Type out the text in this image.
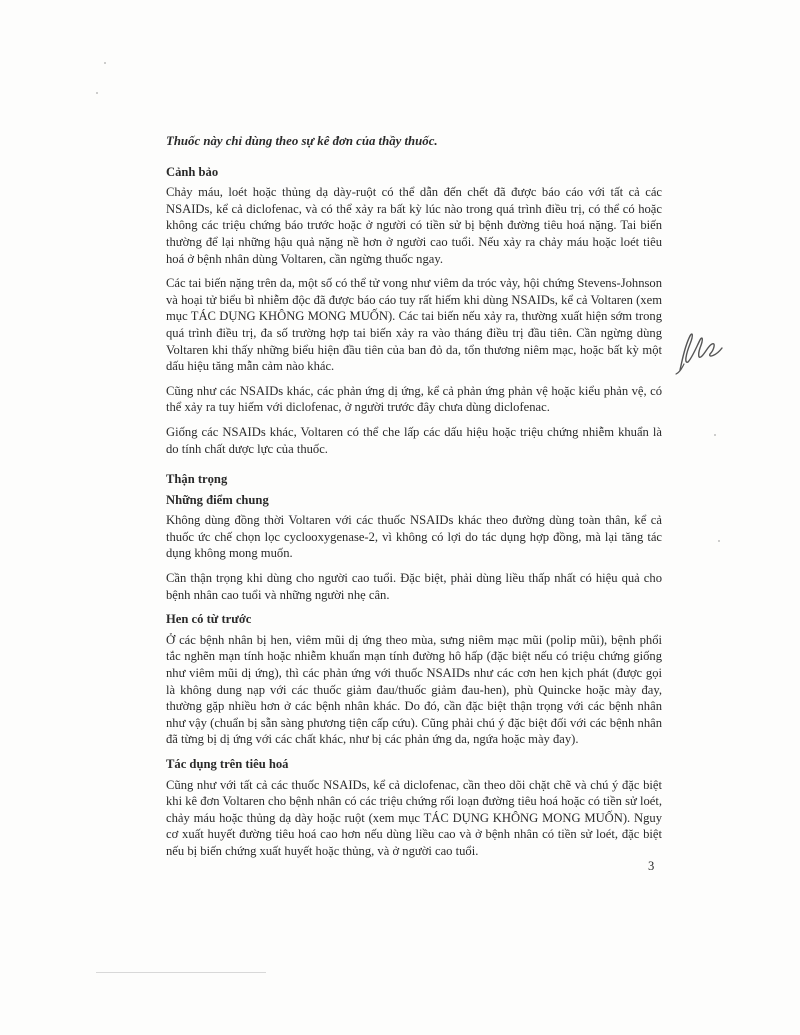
Thuốc này chỉ dùng theo sự kê đơn của thầy thuốc.

Cảnh bảo

Chảy máu, loét hoặc thủng dạ dày-ruột có thể dẫn đến chết đã được báo cáo với tất cả các NSAIDs, kể cả diclofenac, và có thể xảy ra bất kỳ lúc nào trong quá trình điều trị, có thể có hoặc không các triệu chứng báo trước hoặc ở người có tiền sử bị bệnh đường tiêu hoá nặng. Tai biến thường để lại những hậu quả nặng nề hơn ở người cao tuổi. Nếu xảy ra chảy máu hoặc loét tiêu hoá ở bệnh nhân dùng Voltaren, cần ngừng thuốc ngay.

Các tai biến nặng trên da, một số có thể tử vong như viêm da tróc vảy, hội chứng Stevens-Johnson và hoại tử biểu bì nhiễm độc đã được báo cáo tuy rất hiếm khi dùng NSAIDs, kể cả Voltaren (xem mục TÁC DỤNG KHÔNG MONG MUỐN). Các tai biến nếu xảy ra, thường xuất hiện sớm trong quá trình điều trị, đa số trường hợp tai biến xảy ra vào tháng điều trị đầu tiên. Cần ngừng dùng Voltaren khi thấy những biểu hiện đầu tiên của ban đỏ da, tổn thương niêm mạc, hoặc bất kỳ một dấu hiệu tăng mẫn cảm nào khác.

Cũng như các NSAIDs khác, các phản ứng dị ứng, kể cả phản ứng phản vệ hoặc kiểu phản vệ, có thể xảy ra tuy hiếm với diclofenac, ở người trước đây chưa dùng diclofenac.

Giống các NSAIDs khác, Voltaren có thể che lấp các dấu hiệu hoặc triệu chứng nhiễm khuẩn là do tính chất dược lực của thuốc.

Thận trọng
Những điểm chung

Không dùng đồng thời Voltaren với các thuốc NSAIDs khác theo đường dùng toàn thân, kể cả thuốc ức chế chọn lọc cyclooxygenase-2, vì không có lợi do tác dụng hợp đồng, mà lại tăng tác dụng không mong muốn.

Cần thận trọng khi dùng cho người cao tuổi. Đặc biệt, phải dùng liều thấp nhất có hiệu quả cho bệnh nhân cao tuổi và những người nhẹ cân.

Hen có từ trước

Ở các bệnh nhân bị hen, viêm mũi dị ứng theo mùa, sưng niêm mạc mũi (polip mũi), bệnh phổi tắc nghẽn mạn tính hoặc nhiễm khuẩn mạn tính đường hô hấp (đặc biệt nếu có triệu chứng giống như viêm mũi dị ứng), thì các phản ứng với thuốc NSAIDs như các cơn hen kịch phát (được gọi là không dung nạp với các thuốc giảm đau/thuốc giảm đau-hen), phù Quincke hoặc mày đay, thường gặp nhiều hơn ở các bệnh nhân khác. Do đó, cần đặc biệt thận trọng với các bệnh nhân như vậy (chuẩn bị sẵn sàng phương tiện cấp cứu). Cũng phải chú ý đặc biệt đối với các bệnh nhân đã từng bị dị ứng với các chất khác, như bị các phản ứng da, ngứa hoặc mày đay).

Tác dụng trên tiêu hoá

Cũng như với tất cả các thuốc NSAIDs, kể cả diclofenac, cần theo dõi chặt chẽ và chú ý đặc biệt khi kê đơn Voltaren cho bệnh nhân có các triệu chứng rối loạn đường tiêu hoá hoặc có tiền sử loét, chảy máu hoặc thủng dạ dày hoặc ruột (xem mục TÁC DỤNG KHÔNG MONG MUỐN). Nguy cơ xuất huyết đường tiêu hoá cao hơn nếu dùng liều cao và ở bệnh nhân có tiền sử loét, đặc biệt nếu bị biến chứng xuất huyết hoặc thủng, và ở người cao tuổi.

3
